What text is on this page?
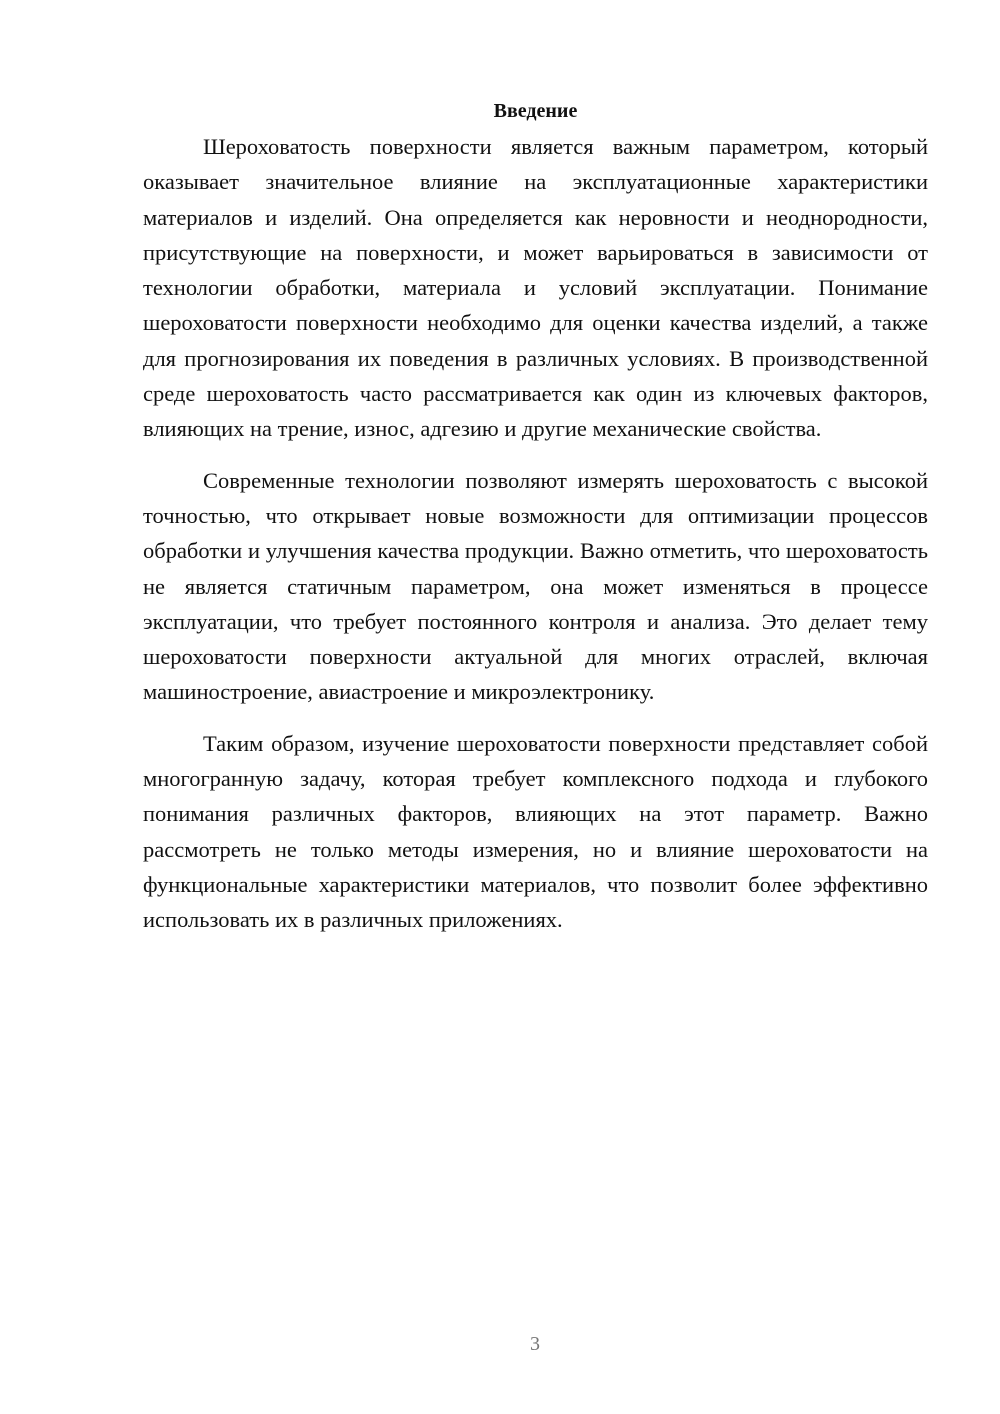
Введение

Шероховатость поверхности является важным параметром, который оказывает значительное влияние на эксплуатационные характеристики материалов и изделий. Она определяется как неровности и неоднородности, присутствующие на поверхности, и может варьироваться в зависимости от технологии обработки, материала и условий эксплуатации. Понимание шероховатости поверхности необходимо для оценки качества изделий, а также для прогнозирования их поведения в различных условиях. В производственной среде шероховатость часто рассматривается как один из ключевых факторов, влияющих на трение, износ, адгезию и другие механические свойства.

Современные технологии позволяют измерять шероховатость с высокой точностью, что открывает новые возможности для оптимизации процессов обработки и улучшения качества продукции. Важно отметить, что шероховатость не является статичным параметром, она может изменяться в процессе эксплуатации, что требует постоянного контроля и анализа. Это делает тему шероховатости поверхности актуальной для многих отраслей, включая машиностроение, авиастроение и микроэлектронику.

Таким образом, изучение шероховатости поверхности представляет собой многогранную задачу, которая требует комплексного подхода и глубокого понимания различных факторов, влияющих на этот параметр. Важно рассмотреть не только методы измерения, но и влияние шероховатости на функциональные характеристики материалов, что позволит более эффективно использовать их в различных приложениях.

3
